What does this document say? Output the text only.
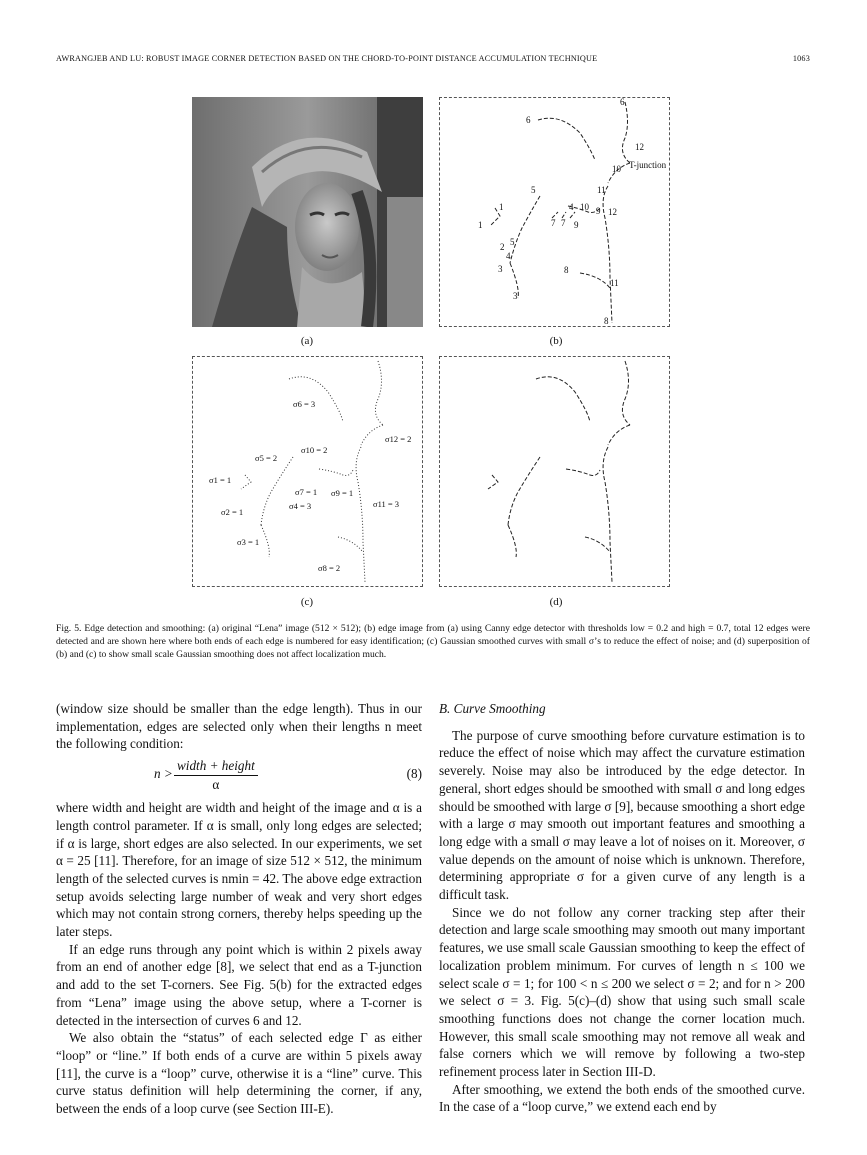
AWRANGJEB AND LU: ROBUST IMAGE CORNER DETECTION BASED ON THE CHORD-TO-POINT DISTANCE ACCUMULATION TECHNIQUE	1063
(a)
6
6
12
10 T-junction
5	11
1	4 10 9 12
1	7 7 9
2 5
4
3	8
11
3
8
(b)
σ6 = 3
σ12 = 2
σ5 = 2
σ10 = 2
σ1 = 1
σ7 = 1 σ9 = 1
σ2 = 1
σ4 = 3	σ11 = 3
σ3 = 1
σ8 = 2
(c)	(d)
Fig. 5. Edge detection and smoothing: (a) original “Lena” image (512 × 512); (b) edge image from (a) using Canny edge detector with thresholds low = 0.2 and high = 0.7, total 12 edges were detected and are shown here where both ends of each edge is numbered for easy identification; (c) Gaussian smoothed curves with small σ’s to reduce the effect of noise; and (d) superposition of (b) and (c) to show small scale Gaussian smoothing does not affect localization much.

(window size should be smaller than the edge length). Thus in our implementation, edges are selected only when their lengths n meet the following condition:

n >
width + height
α
(8)

where width and height are width and height of the image and α is a length control parameter. If α is small, only long edges are selected; if α is large, short edges are also selected. In our experiments, we set α = 25 [11]. Therefore, for an image of size 512 × 512, the minimum length of the selected curves is nmin = 42. The above edge extraction setup avoids selecting large number of weak and very short edges which may not contain strong corners, thereby helps speeding up the later steps.

If an edge runs through any point which is within 2 pixels away from an end of another edge [8], we select that end as a T-junction and add to the set T-corners. See Fig. 5(b) for the extracted edges from “Lena” image using the above setup, where a T-corner is detected in the intersection of curves 6 and 12.

We also obtain the “status” of each selected edge Γ as either “loop” or “line.” If both ends of a curve are within 5 pixels away [11], the curve is a “loop” curve, otherwise it is a “line” curve. This curve status definition will help determining the corner, if any, between the ends of a loop curve (see Section III-E).

B. Curve Smoothing

The purpose of curve smoothing before curvature estimation is to reduce the effect of noise which may affect the curvature estimation severely. Noise may also be introduced by the edge detector. In general, short edges should be smoothed with small σ and long edges should be smoothed with large σ [9], because smoothing a short edge with a large σ may smooth out important features and smoothing a long edge with a small σ may leave a lot of noises on it. Moreover, σ value depends on the amount of noise which is unknown. Therefore, determining appropriate σ for a given curve of any length is a difficult task.

Since we do not follow any corner tracking step after their detection and large scale smoothing may smooth out many important features, we use small scale Gaussian smoothing to keep the effect of localization problem minimum. For curves of length n ≤ 100 we select scale σ = 1; for 100 < n ≤ 200 we select σ = 2; and for n > 200 we select σ = 3. Fig. 5(c)–(d) show that using such small scale smoothing functions does not change the corner location much. However, this small scale smoothing may not remove all weak and false corners which we will remove by following a two-step refinement process later in Section III-D.

After smoothing, we extend the both ends of the smoothed curve. In the case of a “loop curve,” we extend each end by
